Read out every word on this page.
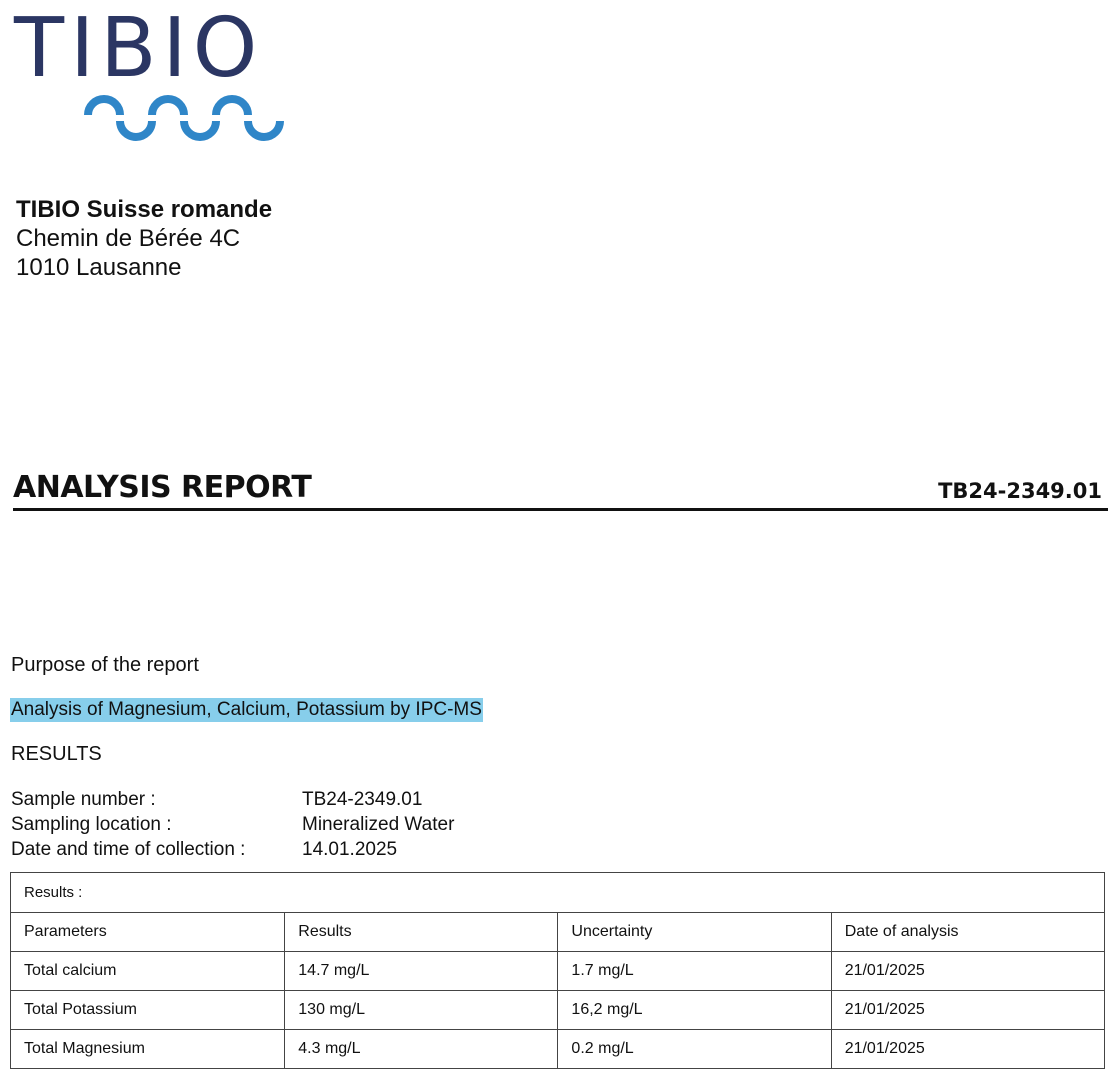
TIBIO
TIBIO Suisse romande
Chemin de Bérée 4C
1010 Lausanne
ANALYSIS REPORT	TB24-2349.01
Purpose of the report
Analysis of Magnesium, Calcium, Potassium by IPC-MS
RESULTS
Sample number :	TB24-2349.01
Sampling location :	Mineralized Water
Date and time of collection :	14.01.2025
Results :			
Parameters	Results	Uncertainty	Date of analysis
Total calcium	14.7 mg/L	1.7 mg/L	21/01/2025
Total Potassium	130 mg/L	16,2 mg/L	21/01/2025
Total Magnesium	4.3 mg/L	0.2 mg/L	21/01/2025
